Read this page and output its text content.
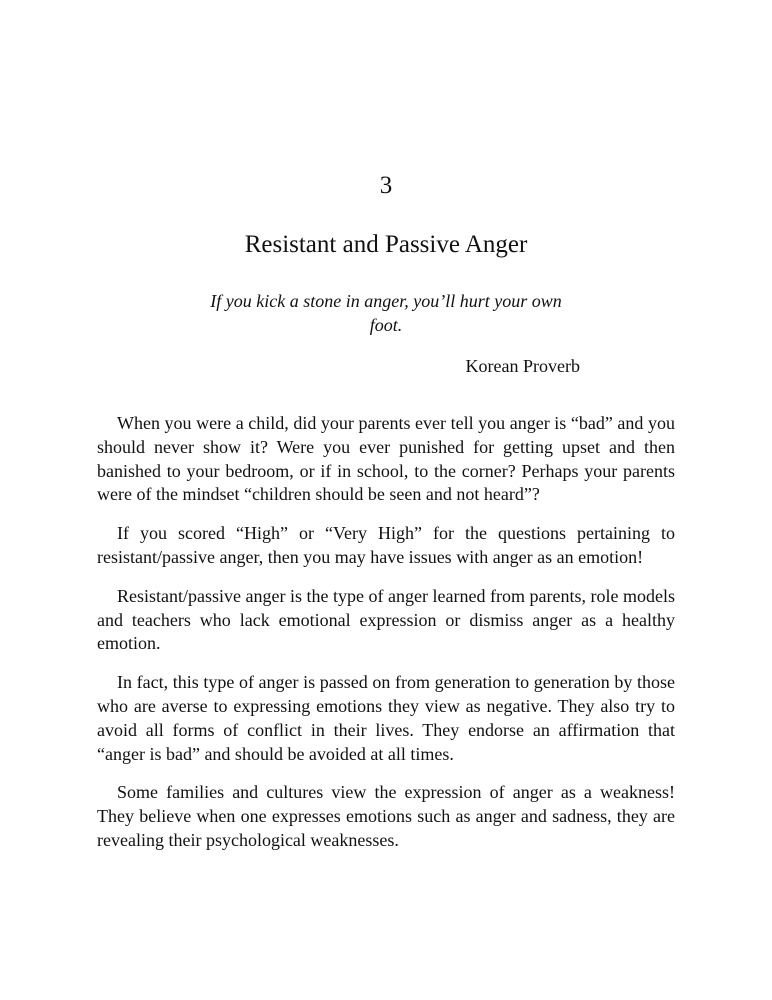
3
Resistant and Passive Anger
If you kick a stone in anger, you’ll hurt your own foot.
Korean Proverb

When you were a child, did your parents ever tell you anger is “bad” and you should never show it? Were you ever punished for getting upset and then banished to your bedroom, or if in school, to the corner? Perhaps your parents were of the mindset “children should be seen and not heard”?

If you scored “High” or “Very High” for the questions pertaining to resistant/passive anger, then you may have issues with anger as an emotion!

Resistant/passive anger is the type of anger learned from parents, role models and teachers who lack emotional expression or dismiss anger as a healthy emotion.

In fact, this type of anger is passed on from generation to generation by those who are averse to expressing emotions they view as negative. They also try to avoid all forms of conflict in their lives. They endorse an affirmation that “anger is bad” and should be avoided at all times.

Some families and cultures view the expression of anger as a weakness! They believe when one expresses emotions such as anger and sadness, they are revealing their psychological weaknesses.
